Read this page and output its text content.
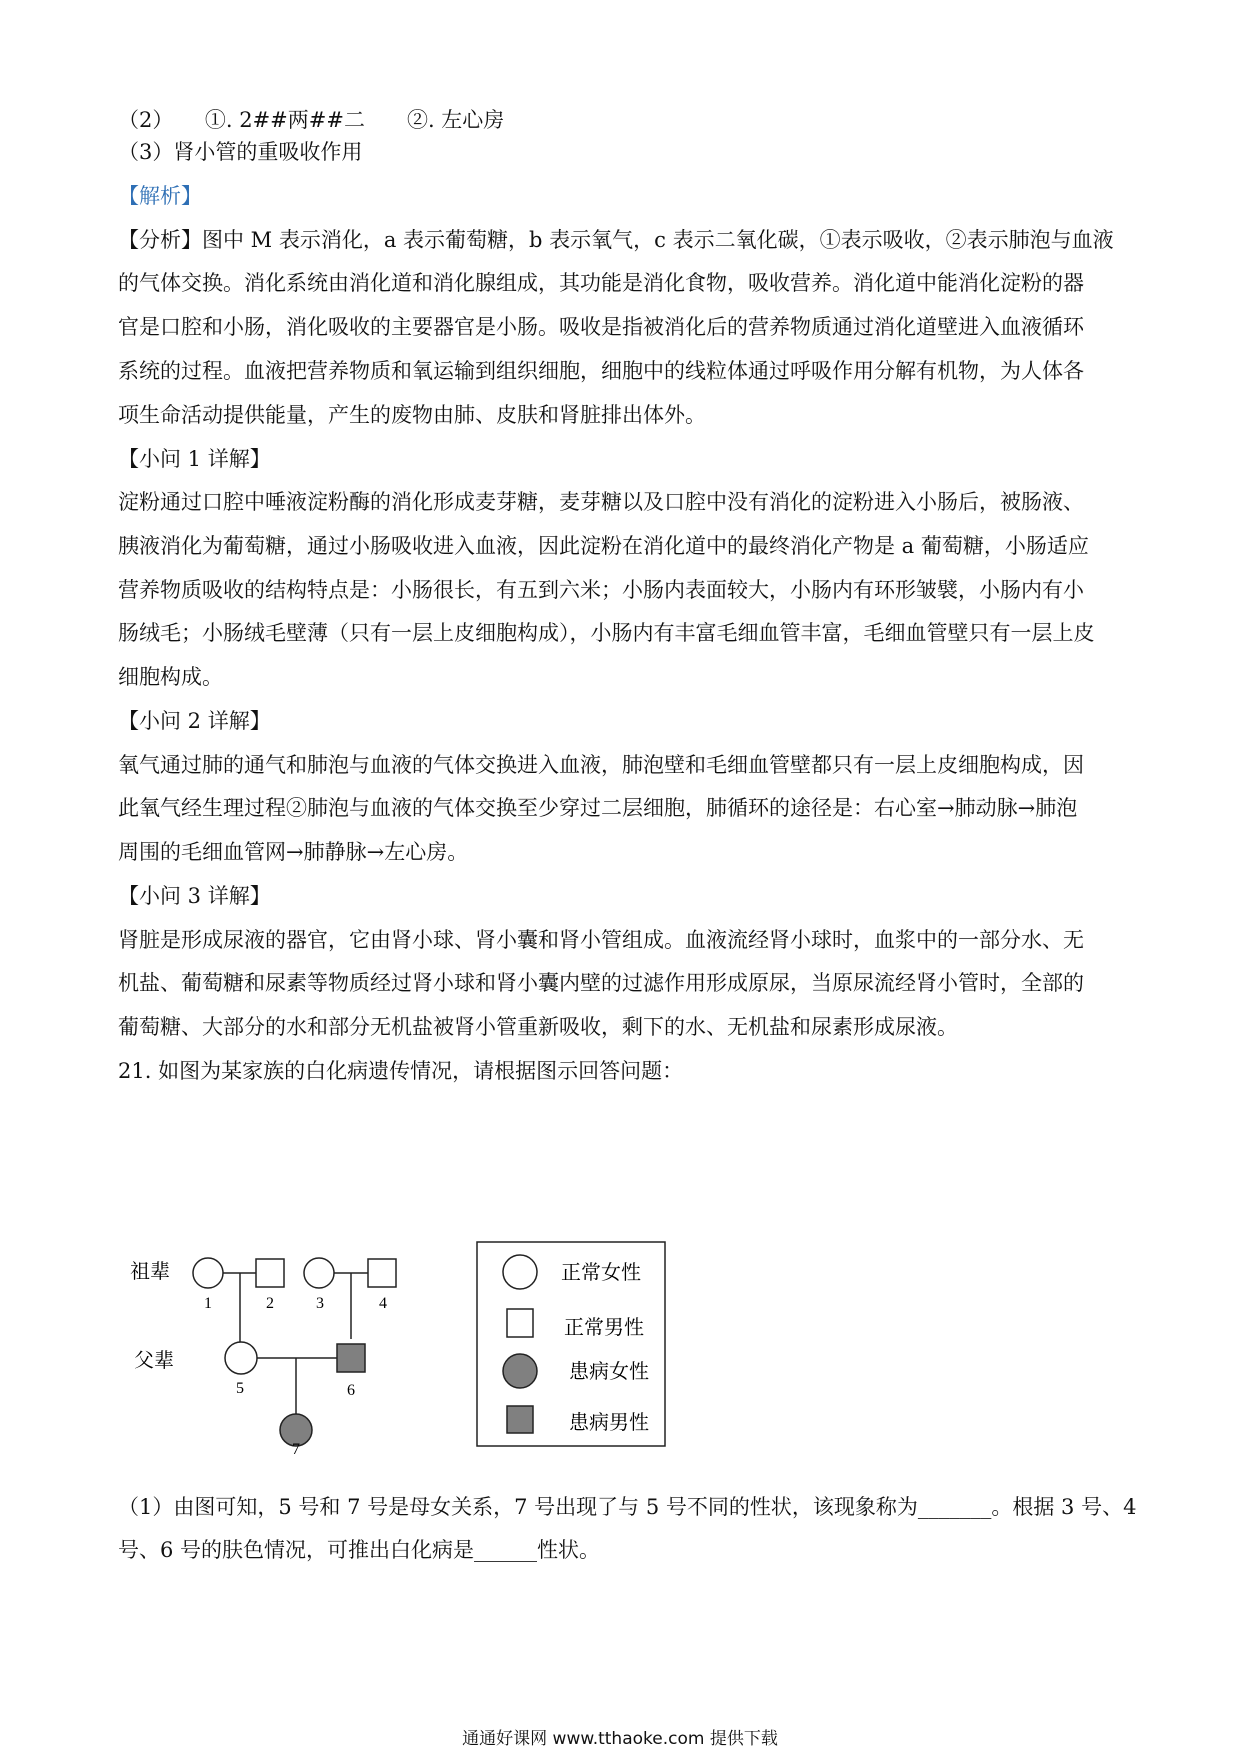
（2）　　①. 2##两##二　　②. 左心房
（3）肾小管的重吸收作用
【解析】
【分析】图中 M 表示消化，a 表示葡萄糖，b 表示氧气，c 表示二氧化碳，①表示吸收，②表示肺泡与血液
的气体交换。消化系统由消化道和消化腺组成，其功能是消化食物，吸收营养。消化道中能消化淀粉的器
官是口腔和小肠，消化吸收的主要器官是小肠。吸收是指被消化后的营养物质通过消化道壁进入血液循环
系统的过程。血液把营养物质和氧运输到组织细胞，细胞中的线粒体通过呼吸作用分解有机物，为人体各
项生命活动提供能量，产生的废物由肺、皮肤和肾脏排出体外。
【小问 1 详解】
淀粉通过口腔中唾液淀粉酶的消化形成麦芽糖，麦芽糖以及口腔中没有消化的淀粉进入小肠后，被肠液、
胰液消化为葡萄糖，通过小肠吸收进入血液，因此淀粉在消化道中的最终消化产物是 a 葡萄糖，小肠适应
营养物质吸收的结构特点是：小肠很长，有五到六米；小肠内表面较大，小肠内有环形皱襞，小肠内有小
肠绒毛；小肠绒毛壁薄（只有一层上皮细胞构成），小肠内有丰富毛细血管丰富，毛细血管壁只有一层上皮
细胞构成。
【小问 2 详解】
氧气通过肺的通气和肺泡与血液的气体交换进入血液，肺泡壁和毛细血管壁都只有一层上皮细胞构成，因
此氧气经生理过程②肺泡与血液的气体交换至少穿过二层细胞，肺循环的途径是：右心室→肺动脉→肺泡
周围的毛细血管网→肺静脉→左心房。
【小问 3 详解】
肾脏是形成尿液的器官，它由肾小球、肾小囊和肾小管组成。血液流经肾小球时，血浆中的一部分水、无
机盐、葡萄糖和尿素等物质经过肾小球和肾小囊内壁的过滤作用形成原尿，当原尿流经肾小管时，全部的
葡萄糖、大部分的水和部分无机盐被肾小管重新吸收，剩下的水、无机盐和尿素形成尿液。
21. 如图为某家族的白化病遗传情况，请根据图示回答问题：
祖辈
父辈
1	2	3	4
5	6
7
正常女性
正常男性
患病女性
患病男性
（1）由图可知，5 号和 7 号是母女关系，7 号出现了与 5 号不同的性状，该现象称为_______。根据 3 号、4
号、6 号的肤色情况，可推出白化病是______性状。
通通好课网 www.tthaoke.com 提供下载
